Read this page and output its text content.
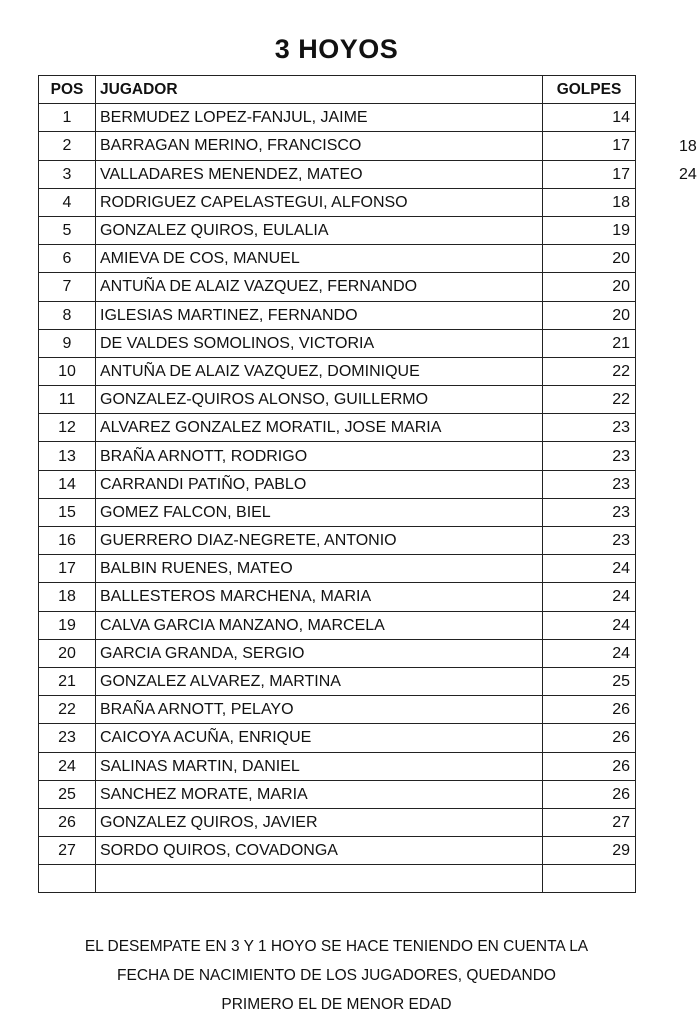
3 HOYOS
POS	JUGADOR	GOLPES
1	BERMUDEZ LOPEZ-FANJUL, JAIME	14
2	BARRAGAN MERINO, FRANCISCO	17
3	VALLADARES MENENDEZ, MATEO	17
4	RODRIGUEZ CAPELASTEGUI, ALFONSO	18
5	GONZALEZ QUIROS, EULALIA	19
6	AMIEVA DE COS, MANUEL	20
7	ANTUÑA DE ALAIZ VAZQUEZ, FERNANDO	20
8	IGLESIAS MARTINEZ, FERNANDO	20
9	DE VALDES SOMOLINOS, VICTORIA	21
10	ANTUÑA DE ALAIZ VAZQUEZ, DOMINIQUE	22
11	GONZALEZ-QUIROS ALONSO, GUILLERMO	22
12	ALVAREZ GONZALEZ MORATIL, JOSE MARIA	23
13	BRAÑA ARNOTT, RODRIGO	23
14	CARRANDI PATIÑO, PABLO	23
15	GOMEZ FALCON, BIEL	23
16	GUERRERO DIAZ-NEGRETE, ANTONIO	23
17	BALBIN RUENES, MATEO	24
18	BALLESTEROS MARCHENA, MARIA	24
19	CALVA GARCIA MANZANO, MARCELA	24
20	GARCIA GRANDA, SERGIO	24
21	GONZALEZ ALVAREZ, MARTINA	25
22	BRAÑA ARNOTT, PELAYO	26
23	CAICOYA ACUÑA, ENRIQUE	26
24	SALINAS MARTIN, DANIEL	26
25	SANCHEZ MORATE, MARIA	26
26	GONZALEZ QUIROS, JAVIER	27
27	SORDO QUIROS, COVADONGA	29

18
24
EL DESEMPATE EN 3 Y 1 HOYO SE HACE TENIENDO EN CUENTA LA
FECHA DE NACIMIENTO DE LOS JUGADORES, QUEDANDO
PRIMERO EL DE MENOR EDAD
